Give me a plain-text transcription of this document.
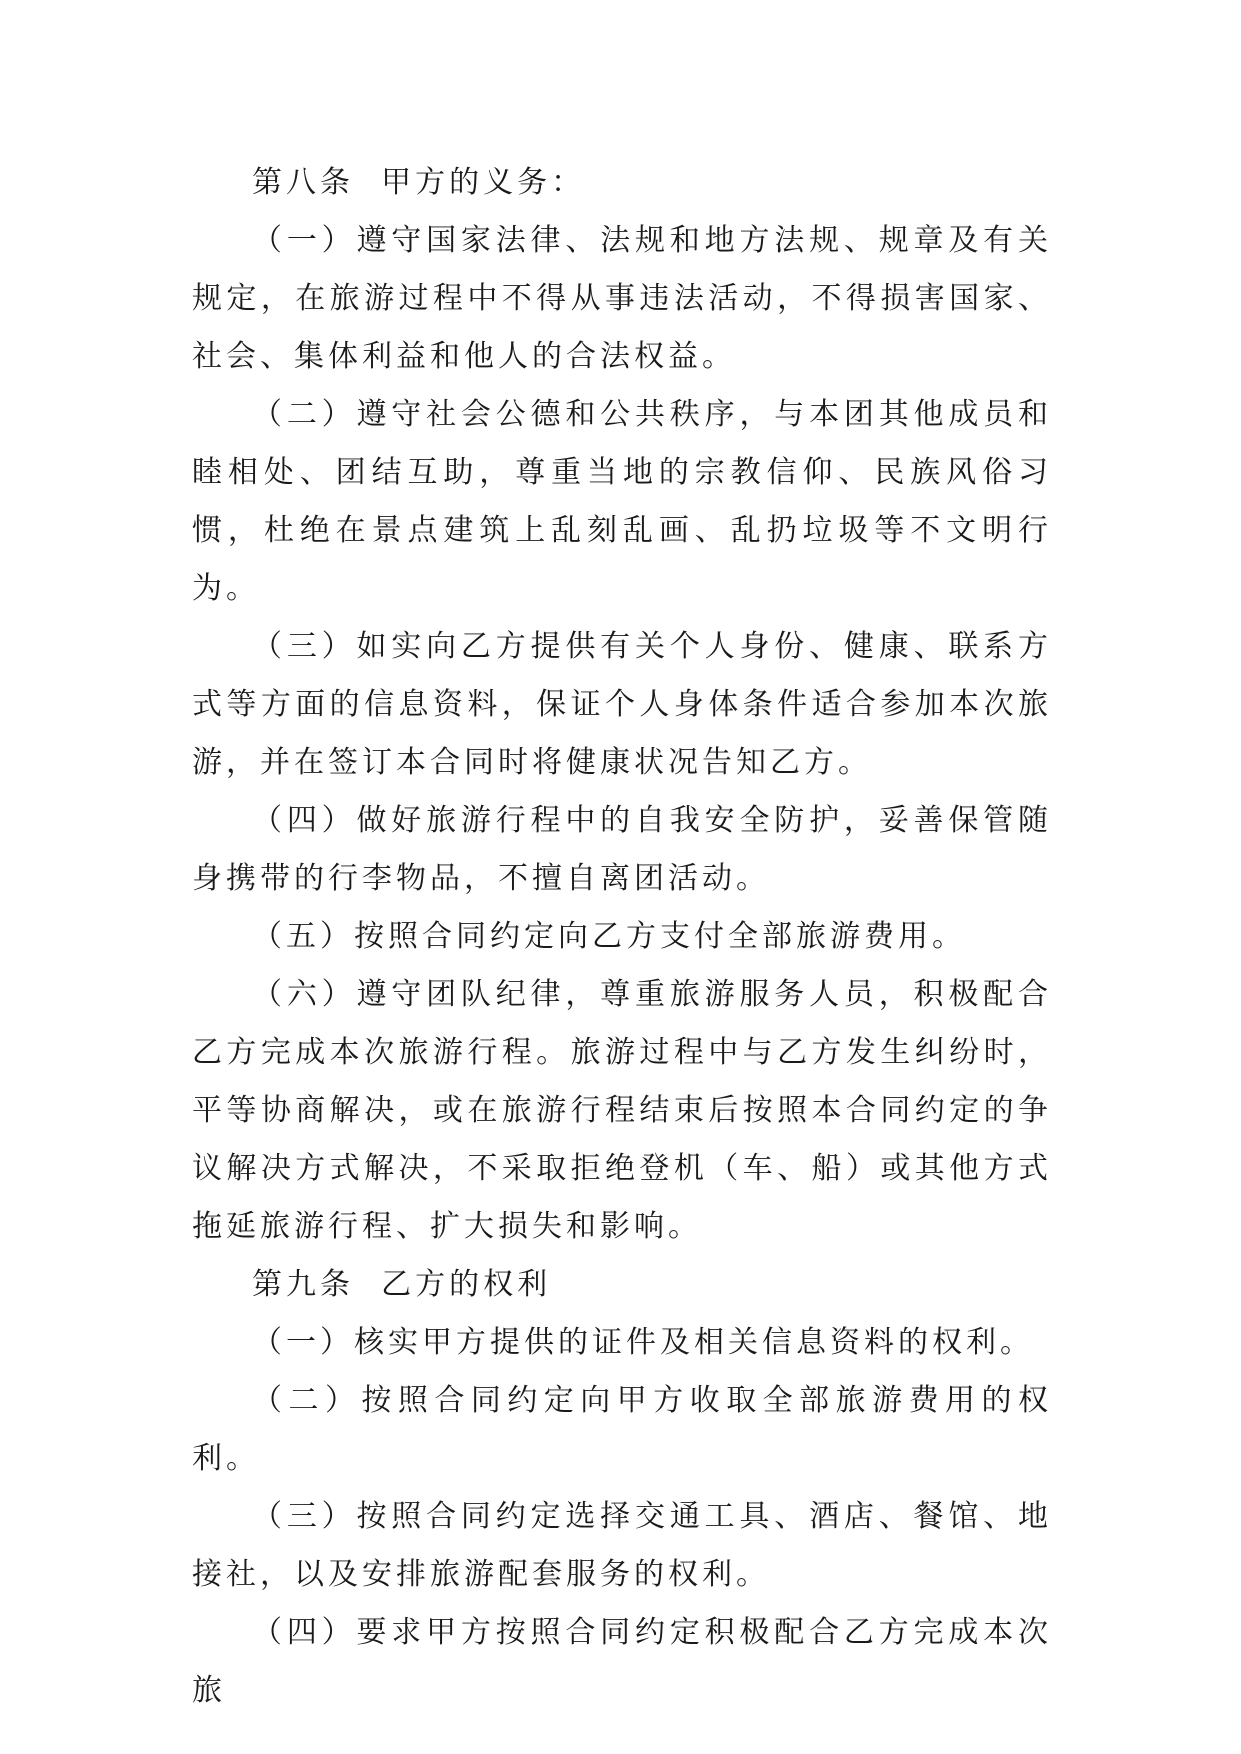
第八条  甲方的义务：

（一）遵守国家法律、法规和地方法规、规章及有关规定，在旅游过程中不得从事违法活动，不得损害国家、社会、集体利益和他人的合法权益。

（二）遵守社会公德和公共秩序，与本团其他成员和睦相处、团结互助，尊重当地的宗教信仰、民族风俗习惯，杜绝在景点建筑上乱刻乱画、乱扔垃圾等不文明行为。

（三）如实向乙方提供有关个人身份、健康、联系方式等方面的信息资料，保证个人身体条件适合参加本次旅游，并在签订本合同时将健康状况告知乙方。

（四）做好旅游行程中的自我安全防护，妥善保管随身携带的行李物品，不擅自离团活动。

（五）按照合同约定向乙方支付全部旅游费用。

（六）遵守团队纪律，尊重旅游服务人员，积极配合乙方完成本次旅游行程。旅游过程中与乙方发生纠纷时，平等协商解决，或在旅游行程结束后按照本合同约定的争议解决方式解决，不采取拒绝登机（车、船）或其他方式拖延旅游行程、扩大损失和影响。

第九条  乙方的权利

（一）核实甲方提供的证件及相关信息资料的权利。

（二）按照合同约定向甲方收取全部旅游费用的权利。

（三）按照合同约定选择交通工具、酒店、餐馆、地接社，以及安排旅游配套服务的权利。

（四）要求甲方按照合同约定积极配合乙方完成本次旅
